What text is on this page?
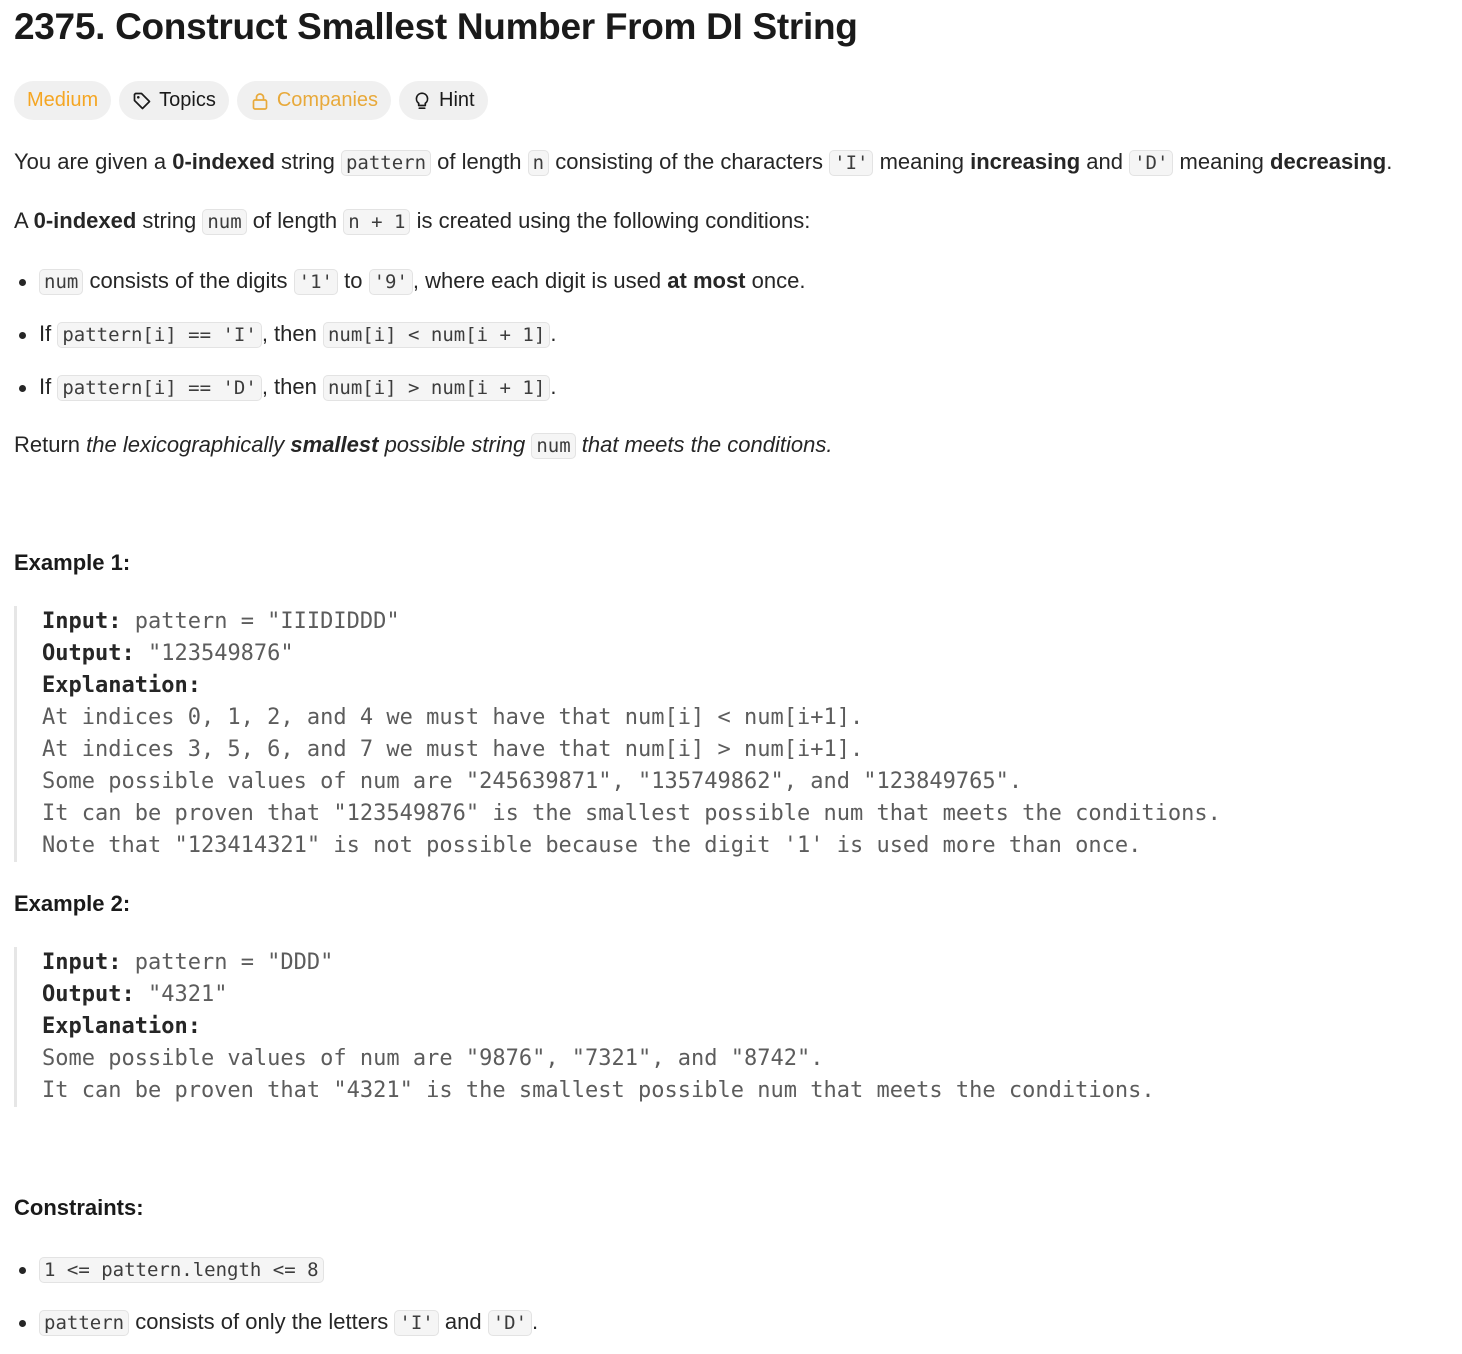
2375. Construct Smallest Number From DI String
Medium	Topics	Companies	Hint

You are given a 0-indexed string pattern of length n consisting of the characters 'I' meaning increasing and 'D' meaning decreasing.

A 0-indexed string num of length n + 1 is created using the following conditions:

num consists of the digits '1' to '9' , where each digit is used at most once.
If pattern[i] == 'I' , then num[i] < num[i + 1] .
If pattern[i] == 'D' , then num[i] > num[i + 1] .

Return the lexicographically smallest possible string num that meets the conditions.

Example 1:
Input: pattern = "IIIDIDDD"
Output: "123549876"
Explanation:
At indices 0, 1, 2, and 4 we must have that num[i] < num[i+1].
At indices 3, 5, 6, and 7 we must have that num[i] > num[i+1].
Some possible values of num are "245639871", "135749862", and "123849765".
It can be proven that "123549876" is the smallest possible num that meets the conditions.
Note that "123414321" is not possible because the digit '1' is used more than once.
Example 2:
Input: pattern = "DDD"
Output: "4321"
Explanation:
Some possible values of num are "9876", "7321", and "8742".
It can be proven that "4321" is the smallest possible num that meets the conditions.
Constraints:
1 <= pattern.length <= 8
pattern consists of only the letters 'I' and 'D' .
